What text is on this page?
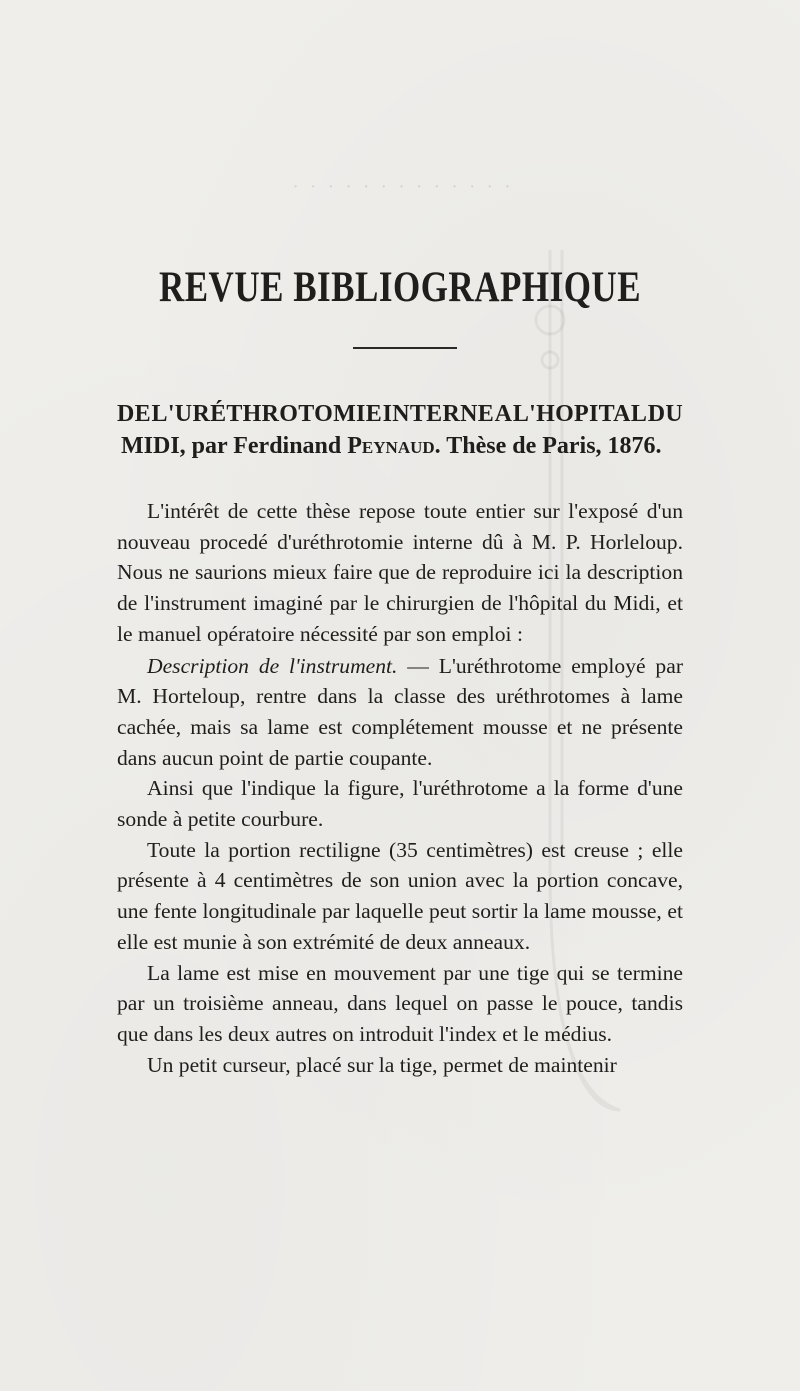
· · · · · · · · · · · · ·
REVUE BIBLIOGRAPHIQUE
DE L'URÉTHROTOMIE INTERNE A L'HOPITAL DU
MIDI, par Ferdinand Peynaud. Thèse de Paris, 1876.

L'intérêt de cette thèse repose toute entier sur l'exposé d'un nouveau procedé d'uréthrotomie interne dû à M. P. Horleloup. Nous ne saurions mieux faire que de reproduire ici la description de l'instrument imaginé par le chirurgien de l'hôpital du Midi, et le manuel opératoire nécessité par son emploi :

Description de l'instrument. — L'uréthrotome employé par M. Horteloup, rentre dans la classe des uréthrotomes à lame cachée, mais sa lame est complétement mousse et ne présente dans aucun point de partie coupante.

Ainsi que l'indique la figure, l'uréthrotome a la forme d'une sonde à petite courbure.

Toute la portion rectiligne (35 centimètres) est creuse ; elle présente à 4 centimètres de son union avec la portion concave, une fente longitudinale par laquelle peut sortir la lame mousse, et elle est munie à son extrémité de deux anneaux.

La lame est mise en mouvement par une tige qui se termine par un troisième anneau, dans lequel on passe le pouce, tandis que dans les deux autres on introduit l'index et le médius.

Un petit curseur, placé sur la tige, permet de maintenir
